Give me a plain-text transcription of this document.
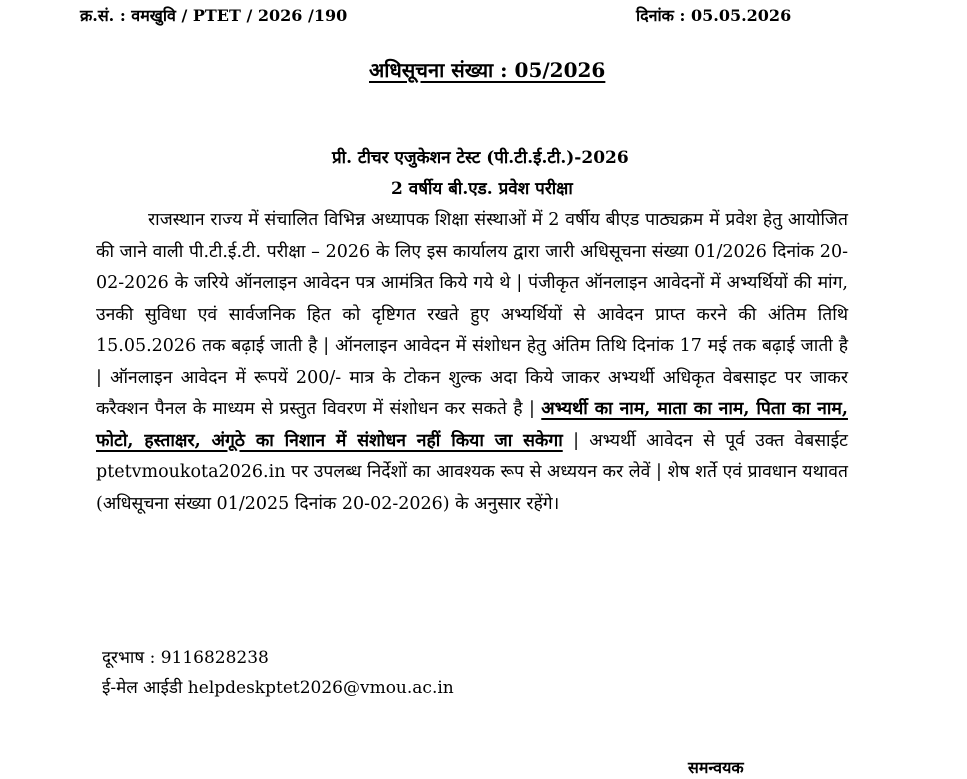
क्र.सं. : वमखुवि / PTET / 2026 /190	दिनांक : 05.05.2026
अधिसूचना संख्या : 05/2026
प्री. टीचर एजुकेशन टेस्ट (पी.टी.ई.टी.)-2026
2 वर्षीय बी.एड. प्रवेश परीक्षा
राजस्थान राज्य में संचालित विभिन्न अध्यापक शिक्षा संस्थाओं में 2 वर्षीय बीएड पाठ्यक्रम में प्रवेश हेतु आयोजित की जाने वाली पी.टी.ई.टी. परीक्षा – 2026 के लिए इस कार्यालय द्वारा जारी अधिसूचना संख्या 01/2026 दिनांक 20-02-2026 के जरिये ऑनलाइन आवेदन पत्र आमंत्रित किये गये थे | पंजीकृत ऑनलाइन आवेदनों में अभ्यर्थियों की मांग, उनकी सुविधा एवं सार्वजनिक हित को दृष्टिगत रखते हुए अभ्यर्थियों से आवेदन प्राप्त करने की अंतिम तिथि 15.05.2026 तक बढ़ाई जाती है | ऑनलाइन आवेदन में संशोधन हेतु अंतिम तिथि दिनांक 17 मई तक बढ़ाई जाती है | ऑनलाइन आवेदन में रूपयें 200/- मात्र के टोकन शुल्क अदा किये जाकर अभ्यर्थी अधिकृत वेबसाइट पर जाकर करैक्शन पैनल के माध्यम से प्रस्तुत विवरण में संशोधन कर सकते है | अभ्यर्थी का नाम, माता का नाम, पिता का नाम, फोटो, हस्ताक्षर, अंगूठे का निशान में संशोधन नहीं किया जा सकेगा | अभ्यर्थी आवेदन से पूर्व उक्त वेबसाईट ptetvmoukota2026.in पर उपलब्ध निर्देशों का आवश्यक रूप से अध्ययन कर लेवें | शेष शर्ते एवं प्रावधान यथावत (अधिसूचना संख्या 01/2025 दिनांक 20-02-2026) के अनुसार रहेंगे।
दूरभाष : 9116828238
ई-मेल आईडी helpdeskptet2026@vmou.ac.in
समन्वयक
